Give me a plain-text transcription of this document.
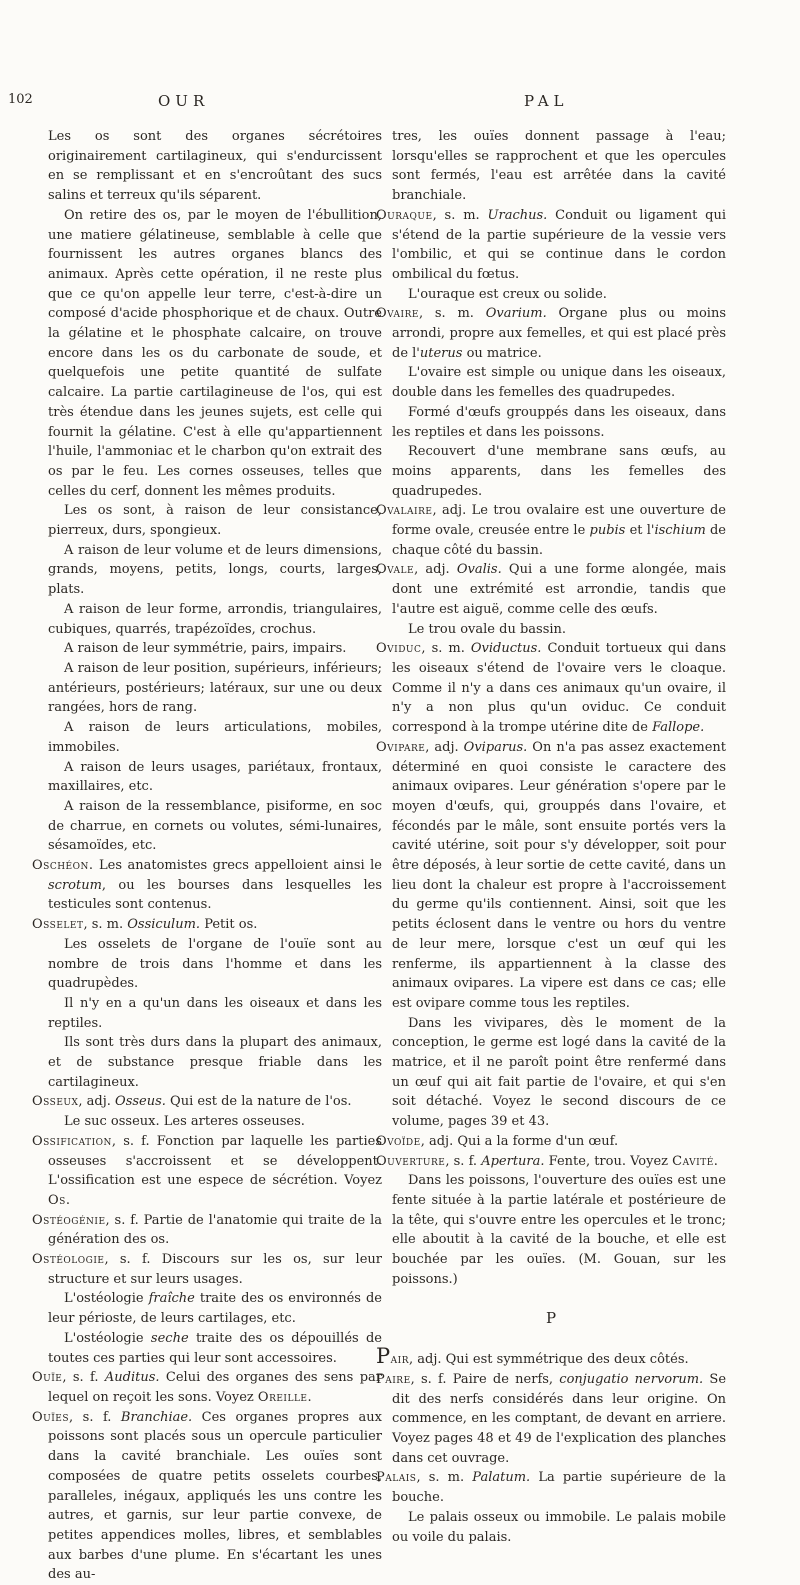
102	OUR	PAL

Les os sont des organes sécrétoires originairement cartilagineux, qui s'endurcissent en se remplissant et en s'encroûtant des sucs salins et terreux qu'ils séparent.

On retire des os, par le moyen de l'ébullition, une matiere gélatineuse, semblable à celle que fournissent les autres organes blancs des animaux. Après cette opération, il ne reste plus que ce qu'on appelle leur terre, c'est-à-dire un composé d'acide phosphorique et de chaux. Outre la gélatine et le phosphate calcaire, on trouve encore dans les os du carbonate de soude, et quelquefois une petite quantité de sulfate calcaire. La partie cartilagineuse de l'os, qui est très étendue dans les jeunes sujets, est celle qui fournit la gélatine. C'est à elle qu'appartiennent l'huile, l'ammoniac et le charbon qu'on extrait des os par le feu. Les cornes osseuses, telles que celles du cerf, donnent les mêmes produits.

Les os sont, à raison de leur consistance, pierreux, durs, spongieux.

A raison de leur volume et de leurs dimensions, grands, moyens, petits, longs, courts, larges, plats.

A raison de leur forme, arrondis, triangulaires, cubiques, quarrés, trapézoïdes, crochus.

A raison de leur symmétrie, pairs, impairs.

A raison de leur position, supérieurs, inférieurs; antérieurs, postérieurs; latéraux, sur une ou deux rangées, hors de rang.

A raison de leurs articulations, mobiles, immobiles.

A raison de leurs usages, pariétaux, frontaux, maxillaires, etc.

A raison de la ressemblance, pisiforme, en soc de charrue, en cornets ou volutes, sémi-lunaires, sésamoïdes, etc.

Oschéon. Les anatomistes grecs appelloient ainsi le scrotum, ou les bourses dans lesquelles les testicules sont contenus.

Osselet, s. m. Ossiculum. Petit os.

Les osselets de l'organe de l'ouïe sont au nombre de trois dans l'homme et dans les quadrupèdes.

Il n'y en a qu'un dans les oiseaux et dans les reptiles.

Ils sont très durs dans la plupart des animaux, et de substance presque friable dans les cartilagineux.

Osseux, adj. Osseus. Qui est de la nature de l'os.

Le suc osseux. Les arteres osseuses.

Ossification, s. f. Fonction par laquelle les parties osseuses s'accroissent et se développent. L'ossification est une espece de sécrétion. Voyez Os.

Ostéogénie, s. f. Partie de l'anatomie qui traite de la génération des os.

Ostéologie, s. f. Discours sur les os, sur leur structure et sur leurs usages.

L'ostéologie fraîche traite des os environnés de leur périoste, de leurs cartilages, etc.

L'ostéologie seche traite des os dépouillés de toutes ces parties qui leur sont accessoires.

Ouïe, s. f. Auditus. Celui des organes des sens par lequel on reçoit les sons. Voyez Oreille.

Ouïes, s. f. Branchiae. Ces organes propres aux poissons sont placés sous un opercule particulier dans la cavité branchiale. Les ouïes sont composées de quatre petits osselets courbes, paralleles, inégaux, appliqués les uns contre les autres, et garnis, sur leur partie convexe, de petites appendices molles, libres, et semblables aux barbes d'une plume. En s'écartant les unes des au-

tres, les ouïes donnent passage à l'eau; lorsqu'elles se rapprochent et que les opercules sont fermés, l'eau est arrêtée dans la cavité branchiale.

Ouraque, s. m. Urachus. Conduit ou ligament qui s'étend de la partie supérieure de la vessie vers l'ombilic, et qui se continue dans le cordon ombilical du fœtus.

L'ouraque est creux ou solide.

Ovaire, s. m. Ovarium. Organe plus ou moins arrondi, propre aux femelles, et qui est placé près de l'uterus ou matrice.

L'ovaire est simple ou unique dans les oiseaux, double dans les femelles des quadrupedes.

Formé d'œufs grouppés dans les oiseaux, dans les reptiles et dans les poissons.

Recouvert d'une membrane sans œufs, au moins apparents, dans les femelles des quadrupedes.

Ovalaire, adj. Le trou ovalaire est une ouverture de forme ovale, creusée entre le pubis et l'ischium de chaque côté du bassin.

Ovale, adj. Ovalis. Qui a une forme alongée, mais dont une extrémité est arrondie, tandis que l'autre est aiguë, comme celle des œufs.

Le trou ovale du bassin.

Oviduc, s. m. Oviductus. Conduit tortueux qui dans les oiseaux s'étend de l'ovaire vers le cloaque. Comme il n'y a dans ces animaux qu'un ovaire, il n'y a non plus qu'un oviduc. Ce conduit correspond à la trompe utérine dite de Fallope.

Ovipare, adj. Oviparus. On n'a pas assez exactement déterminé en quoi consiste le caractere des animaux ovipares. Leur génération s'opere par le moyen d'œufs, qui, grouppés dans l'ovaire, et fécondés par le mâle, sont ensuite portés vers la cavité utérine, soit pour s'y développer, soit pour être déposés, à leur sortie de cette cavité, dans un lieu dont la chaleur est propre à l'accroissement du germe qu'ils contiennent. Ainsi, soit que les petits éclosent dans le ventre ou hors du ventre de leur mere, lorsque c'est un œuf qui les renferme, ils appartiennent à la classe des animaux ovipares. La vipere est dans ce cas; elle est ovipare comme tous les reptiles.

Dans les vivipares, dès le moment de la conception, le germe est logé dans la cavité de la matrice, et il ne paroît point être renfermé dans un œuf qui ait fait partie de l'ovaire, et qui s'en soit détaché. Voyez le second discours de ce volume, pages 39 et 43.

Ovoïde, adj. Qui a la forme d'un œuf.

Ouverture, s. f. Apertura. Fente, trou. Voyez Cavité.

Dans les poissons, l'ouverture des ouïes est une fente située à la partie latérale et postérieure de la tête, qui s'ouvre entre les opercules et le tronc; elle aboutit à la cavité de la bouche, et elle est bouchée par les ouïes. (M. Gouan, sur les poissons.)

P

Pair, adj. Qui est symmétrique des deux côtés.

Paire, s. f. Paire de nerfs, conjugatio nervorum. Se dit des nerfs considérés dans leur origine. On commence, en les comptant, de devant en arriere. Voyez pages 48 et 49 de l'explication des planches dans cet ouvrage.

Palais, s. m. Palatum. La partie supérieure de la bouche.

Le palais osseux ou immobile. Le palais mobile ou voile du palais.
